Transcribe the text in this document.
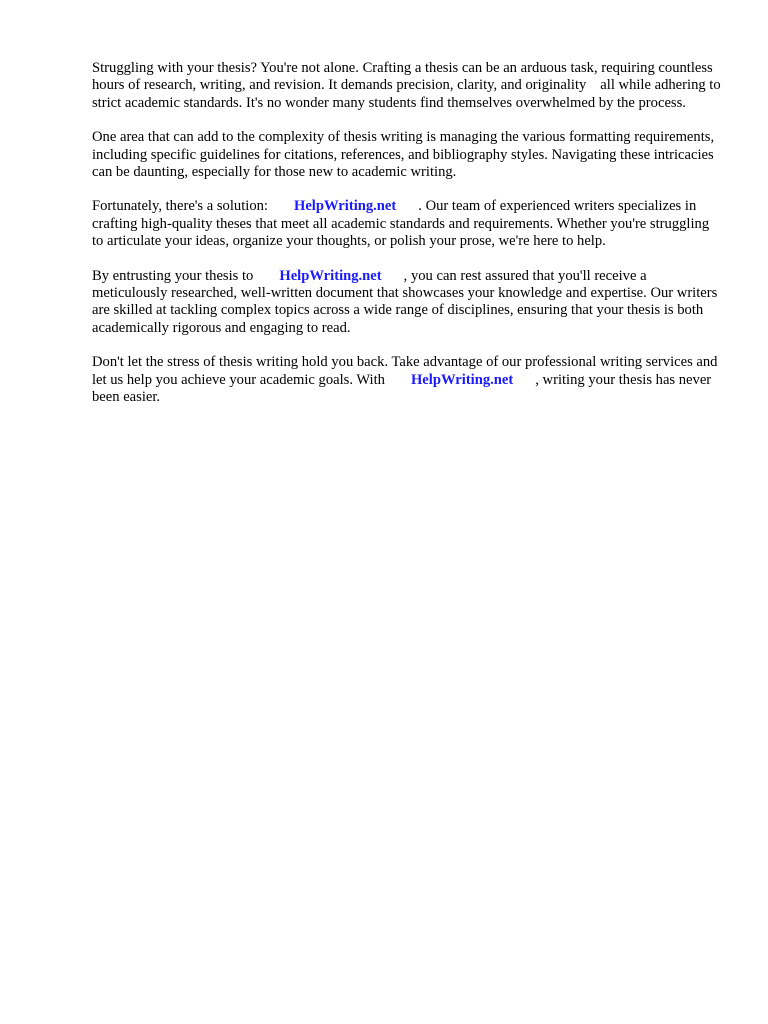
Struggling with your thesis? You're not alone. Crafting a thesis can be an arduous task, requiring countless hours of research, writing, and revision. It demands precision, clarity, and originality all while adhering to strict academic standards. It's no wonder many students find themselves overwhelmed by the process.

One area that can add to the complexity of thesis writing is managing the various formatting requirements, including specific guidelines for citations, references, and bibliography styles. Navigating these intricacies can be daunting, especially for those new to academic writing.

Fortunately, there's a solution: HelpWriting.net . Our team of experienced writers specializes in crafting high-quality theses that meet all academic standards and requirements. Whether you're struggling to articulate your ideas, organize your thoughts, or polish your prose, we're here to help.

By entrusting your thesis to HelpWriting.net , you can rest assured that you'll receive a meticulously researched, well-written document that showcases your knowledge and expertise. Our writers are skilled at tackling complex topics across a wide range of disciplines, ensuring that your thesis is both academically rigorous and engaging to read.

Don't let the stress of thesis writing hold you back. Take advantage of our professional writing services and let us help you achieve your academic goals. With HelpWriting.net , writing your thesis has never been easier.
